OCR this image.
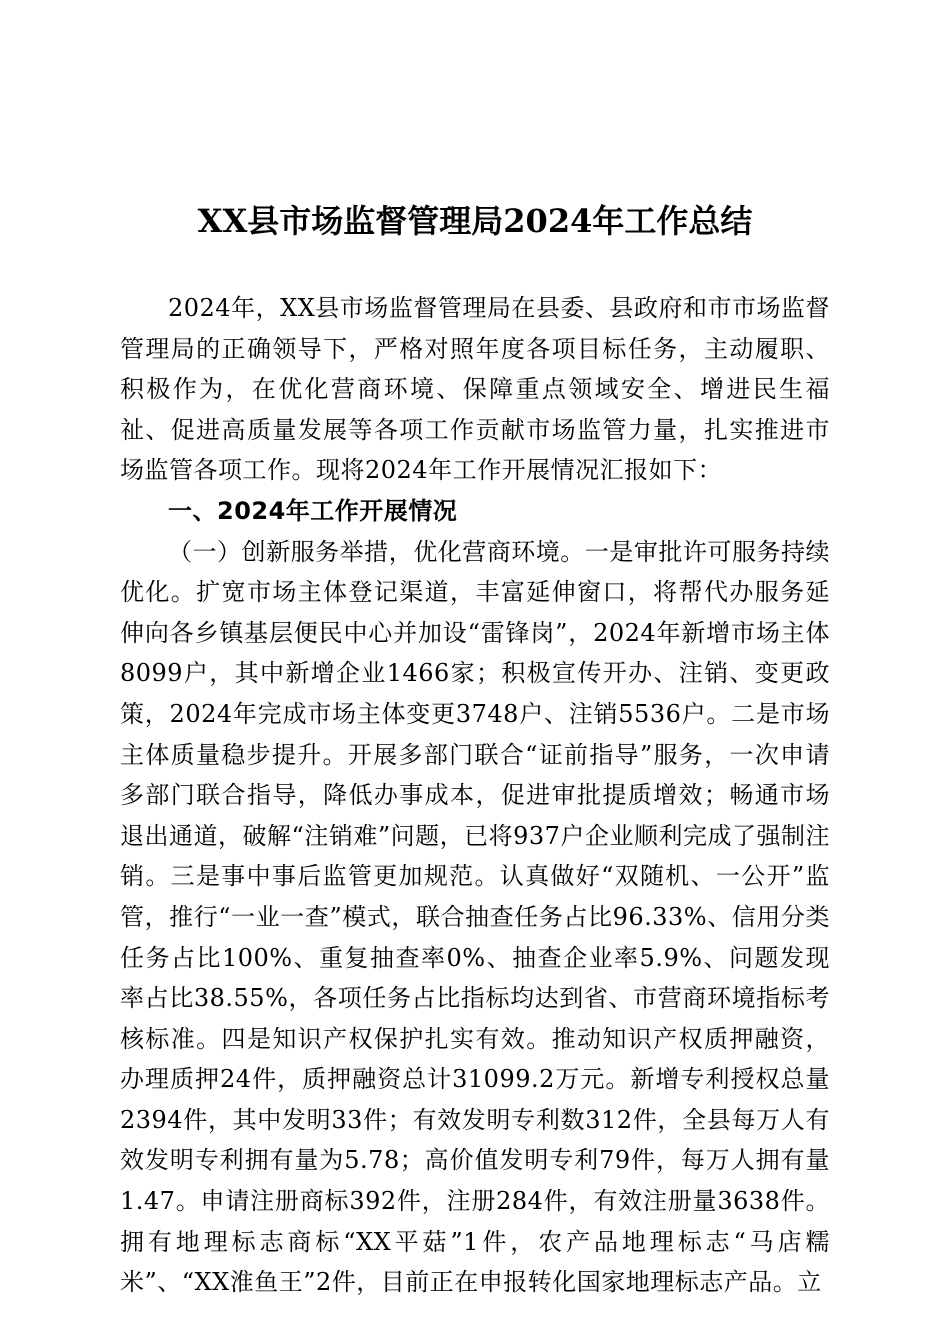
XX县市场监督管理局2024年工作总结

2024年，XX县市场监督管理局在县委、县政府和市市场监督管理局的正确领导下，严格对照年度各项目标任务，主动履职、积极作为，在优化营商环境、保障重点领域安全、增进民生福祉、促进高质量发展等各项工作贡献市场监管力量，扎实推进市场监管各项工作。现将2024年工作开展情况汇报如下：

一、2024年工作开展情况

（一）创新服务举措，优化营商环境。一是审批许可服务持续优化。扩宽市场主体登记渠道，丰富延伸窗口，将帮代办服务延伸向各乡镇基层便民中心并加设“雷锋岗”，2024年新增市场主体8099户，其中新增企业1466家；积极宣传开办、注销、变更政策，2024年完成市场主体变更3748户、注销5536户。二是市场主体质量稳步提升。开展多部门联合“证前指导”服务，一次申请多部门联合指导，降低办事成本，促进审批提质增效；畅通市场退出通道，破解“注销难”问题，已将937户企业顺利完成了强制注销。三是事中事后监管更加规范。认真做好“双随机、一公开”监管，推行“一业一查”模式，联合抽查任务占比96.33%、信用分类任务占比100%、重复抽查率0%、抽查企业率5.9%、问题发现率占比38.55%，各项任务占比指标均达到省、市营商环境指标考核标准。四是知识产权保护扎实有效。推动知识产权质押融资，办理质押24件，质押融资总计31099.2万元。新增专利授权总量2394件，其中发明33件；有效发明专利数312件，全县每万人有效发明专利拥有量为5.78；高价值发明专利79件，每万人拥有量1.47。申请注册商标392件，注册284件，有效注册量3638件。拥有地理标志商标“XX平菇”1件，农产品地理标志“马店糯米”、“XX淮鱼王”2件，目前正在申报转化国家地理标志产品。立
